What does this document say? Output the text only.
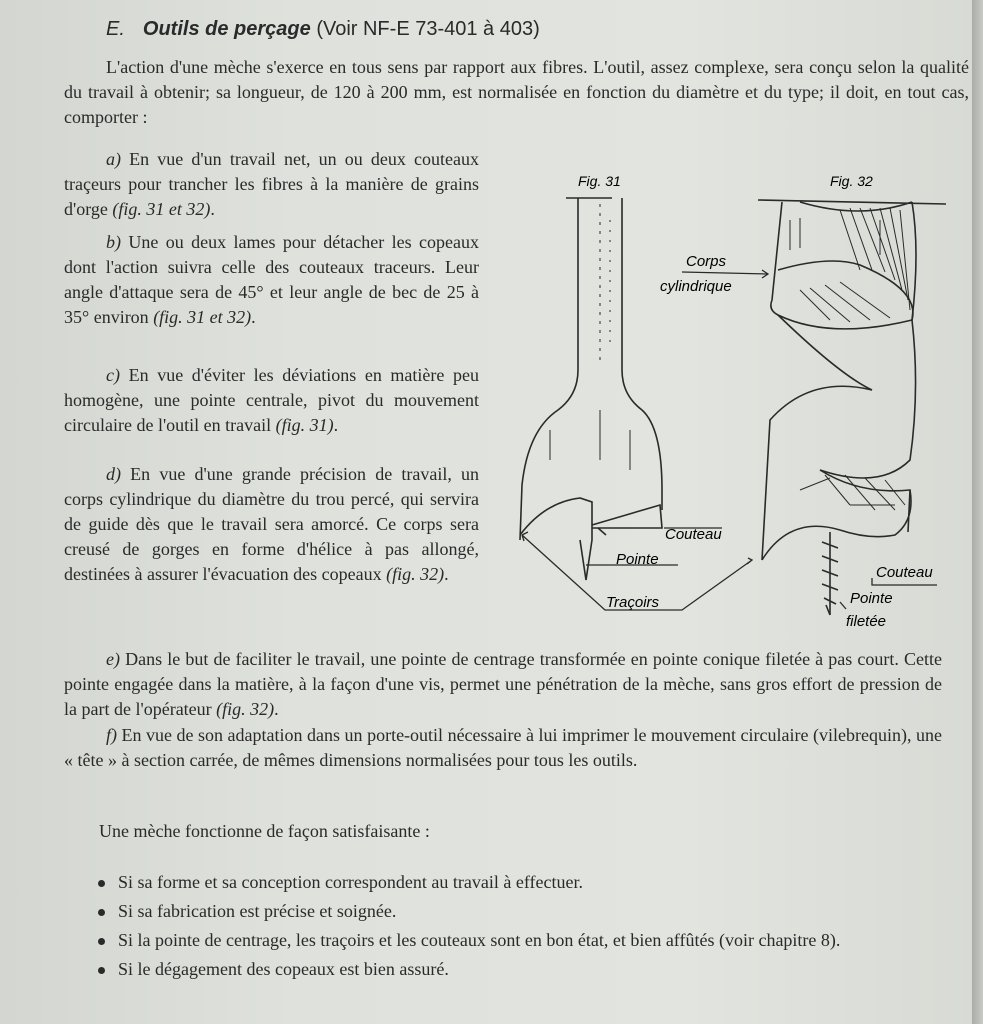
E. Outils de perçage (Voir NF-E 73-401 à 403)

L'action d'une mèche s'exerce en tous sens par rapport aux fibres. L'outil, assez complexe, sera conçu selon la qualité du travail à obtenir; sa longueur, de 120 à 200 mm, est normalisée en fonction du diamètre et du type; il doit, en tout cas, comporter :

a) En vue d'un travail net, un ou deux couteaux traçeurs pour trancher les fibres à la manière de grains d'orge (fig. 31 et 32).

b) Une ou deux lames pour détacher les copeaux dont l'action suivra celle des couteaux traceurs. Leur angle d'attaque sera de 45° et leur angle de bec de 25 à 35° environ (fig. 31 et 32).

c) En vue d'éviter les déviations en matière peu homogène, une pointe centrale, pivot du mouvement circulaire de l'outil en travail (fig. 31).

d) En vue d'une grande précision de travail, un corps cylindrique du diamètre du trou percé, qui servira de guide dès que le travail sera amorcé. Ce corps sera creusé de gorges en forme d'hélice à pas allongé, destinées à assurer l'évacuation des copeaux (fig. 32).

e) Dans le but de faciliter le travail, une pointe de centrage transformée en pointe conique filetée à pas court. Cette pointe engagée dans la matière, à la façon d'une vis, permet une pénétration de la mèche, sans gros effort de pression de la part de l'opérateur (fig. 32).

f) En vue de son adaptation dans un porte-outil nécessaire à lui imprimer le mouvement circulaire (vilebrequin), une « tête » à section carrée, de mêmes dimensions normalisées pour tous les outils.

Une mèche fonctionne de façon satisfaisante :

Si sa forme et sa conception correspondent au travail à effectuer.
Si sa fabrication est précise et soignée.
Si la pointe de centrage, les traçoirs et les couteaux sont en bon état, et bien affûtés (voir chapitre 8).
Si le dégagement des copeaux est bien assuré.
Fig. 31	Fig. 32
Corps
cylindrique
Couteau
Pointe
Traçoirs
Couteau
Pointe
filetée
